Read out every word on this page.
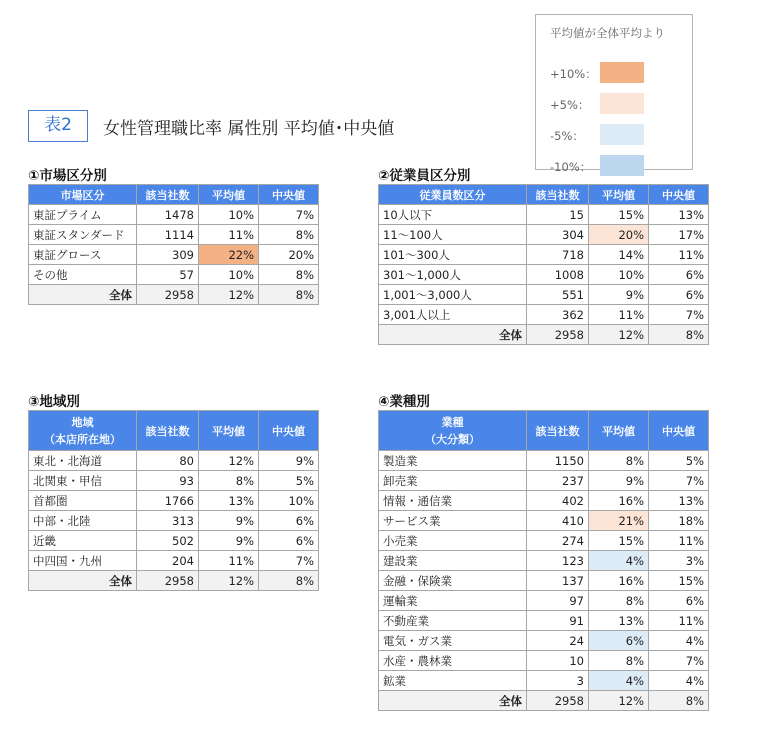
平均値が全体平均より
+10%：
+5%：
-5%：
-10%：
表2	女性管理職比率 属性別 平均値･中央値
①市場区分別
市場区分	該当社数	平均値	中央値
東証プライム	1478	10%	7%
東証スタンダード	1114	11%	8%
東証グロース	309	22%	20%
その他	57	10%	8%
全体	2958	12%	8%
②従業員区分別
従業員数区分	該当社数	平均値	中央値
10人以下	15	15%	13%
11～100人	304	20%	17%
101～300人	718	14%	11%
301～1,000人	1008	10%	6%
1,001～3,000人	551	9%	6%
3,001人以上	362	11%	7%
全体	2958	12%	8%
③地域別
地域
（本店所在地）	該当社数	平均値	中央値
東北・北海道	80	12%	9%
北関東・甲信	93	8%	5%
首都圏	1766	13%	10%
中部・北陸	313	9%	6%
近畿	502	9%	6%
中四国・九州	204	11%	7%
全体	2958	12%	8%
④業種別
業種
（大分類）	該当社数	平均値	中央値
製造業	1150	8%	5%
卸売業	237	9%	7%
情報・通信業	402	16%	13%
サービス業	410	21%	18%
小売業	274	15%	11%
建設業	123	4%	3%
金融・保険業	137	16%	15%
運輸業	97	8%	6%
不動産業	91	13%	11%
電気・ガス業	24	6%	4%
水産・農林業	10	8%	7%
鉱業	3	4%	4%
全体	2958	12%	8%
